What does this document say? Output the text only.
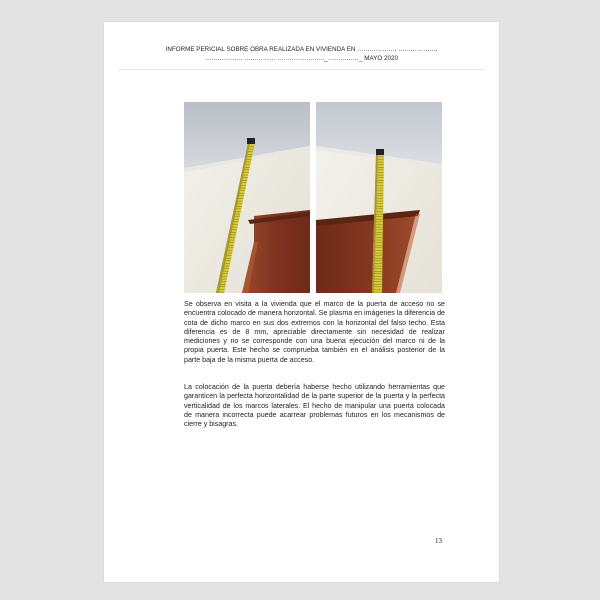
INFORME PERICIAL SOBRE OBRA REALIZADA EN VIVIENDA EN ………………. ………………,
……………… …………… ………………….._……………_ MAYO 2020

Se observa en visita a la vivienda que el marco de la puerta de acceso no se encuentra colocado de manera horizontal. Se plasma en imágenes la diferencia de cota de dicho marco en sus dos extremos con la horizontal del falso techo. Esta diferencia es de 8 mm, apreciable directamente sin necesidad de realizar mediciones y no se corresponde con una buena ejecución del marco ni de la propia puerta. Este hecho se comprueba también en el análisis posterior de la parte baja de la misma puerta de acceso.

La colocación de la puerta debería haberse hecho utilizando herramientas que garanticen la perfecta horizontalidad de la parte superior de la puerta y la perfecta verticalidad de los marcos laterales. El hecho de manipular una puerta colocada de manera incorrecta puede acarrear problemas futuros en los mecanismos de cierre y bisagras.

13
